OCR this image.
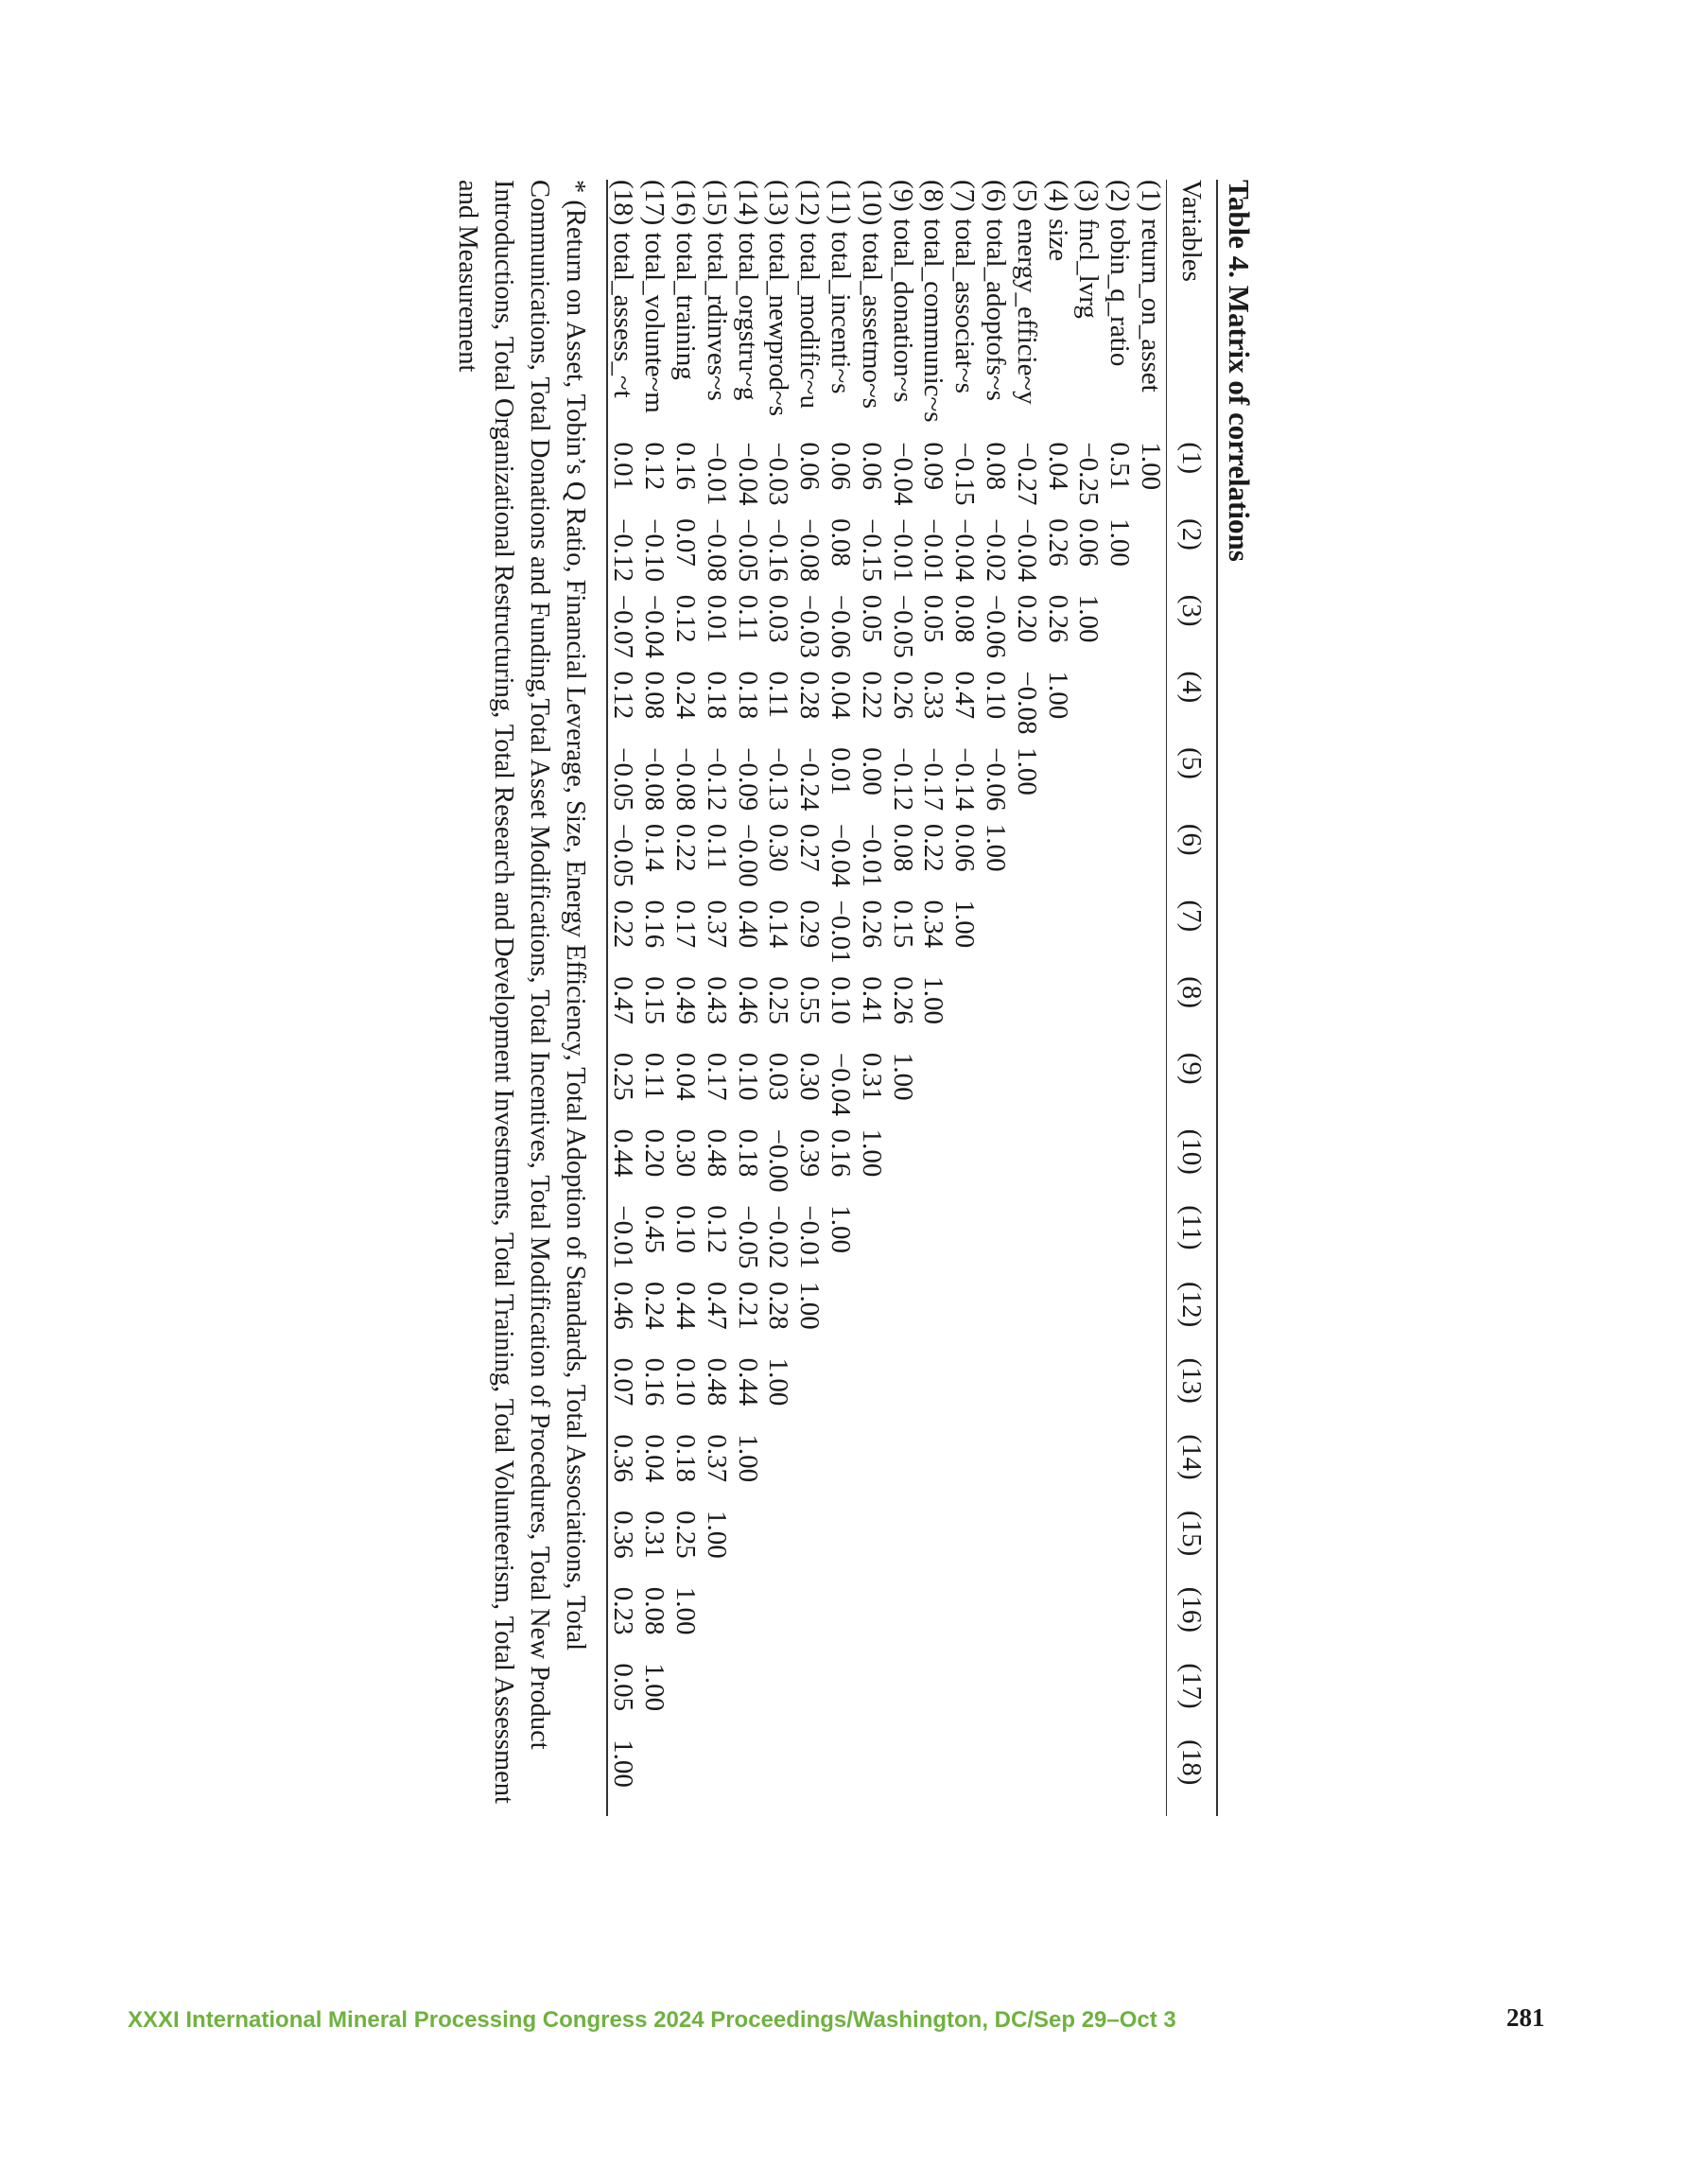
Table 4. Matrix of correlations
Variables	(1)	(2)	(3)	(4)	(5)	(6)	(7)	(8)	(9)	(10)	(11)	(12)	(13)	(14)	(15)	(16)	(17)	(18)
(1) return_on_asset	1.00																	
(2) tobin_q_ratio	0.51	1.00																
(3) fncl_lvrg	−0.25	0.06	1.00															
(4) size	0.04	0.26	0.26	1.00														
(5) energy_efficie~y	−0.27	−0.04	0.20	−0.08	1.00													
(6) total_adoptofs~s	0.08	−0.02	−0.06	0.10	−0.06	1.00												
(7) total_associat~s	−0.15	−0.04	0.08	0.47	−0.14	0.06	1.00											
(8) total_communic~s	0.09	−0.01	0.05	0.33	−0.17	0.22	0.34	1.00										
(9) total_donation~s	−0.04	−0.01	−0.05	0.26	−0.12	0.08	0.15	0.26	1.00									
(10) total_assetmo~s	0.06	−0.15	0.05	0.22	0.00	−0.01	0.26	0.41	0.31	1.00								
(11) total_incenti~s	0.06	0.08	−0.06	0.04	0.01	−0.04	−0.01	0.10	−0.04	0.16	1.00							
(12) total_modific~u	0.06	−0.08	−0.03	0.28	−0.24	0.27	0.29	0.55	0.30	0.39	−0.01	1.00						
(13) total_newprod~s	−0.03	−0.16	0.03	0.11	−0.13	0.30	0.14	0.25	0.03	−0.00	−0.02	0.28	1.00					
(14) total_orgstru~g	−0.04	−0.05	0.11	0.18	−0.09	−0.00	0.40	0.46	0.10	0.18	−0.05	0.21	0.44	1.00				
(15) total_rdinves~s	−0.01	−0.08	0.01	0.18	−0.12	0.11	0.37	0.43	0.17	0.48	0.12	0.47	0.48	0.37	1.00			
(16) total_training	0.16	0.07	0.12	0.24	−0.08	0.22	0.17	0.49	0.04	0.30	0.10	0.44	0.10	0.18	0.25	1.00		
(17) total_volunte~m	0.12	−0.10	−0.04	0.08	−0.08	0.14	0.16	0.15	0.11	0.20	0.45	0.24	0.16	0.04	0.31	0.08	1.00	
(18) total_assess_~t	0.01	−0.12	−0.07	0.12	−0.05	−0.05	0.22	0.47	0.25	0.44	−0.01	0.46	0.07	0.36	0.36	0.23	0.05	1.00
* (Return on Asset, Tobin’s Q Ratio, Financial Leverage, Size, Energy Efficiency, Total Adoption of Standards, Total Associations, Total Communications, Total Donations and Funding,Total Asset Modifications, Total Incentives, Total Modification of Procedures, Total New Product Introductions, Total Organizational Restructuring, Total Research and Development Investments, Total Training, Total Volunteerism, Total Assessment and Measurement
XXXI International Mineral Processing Congress 2024 Proceedings/Washington, DC/Sep 29–Oct 3	281
